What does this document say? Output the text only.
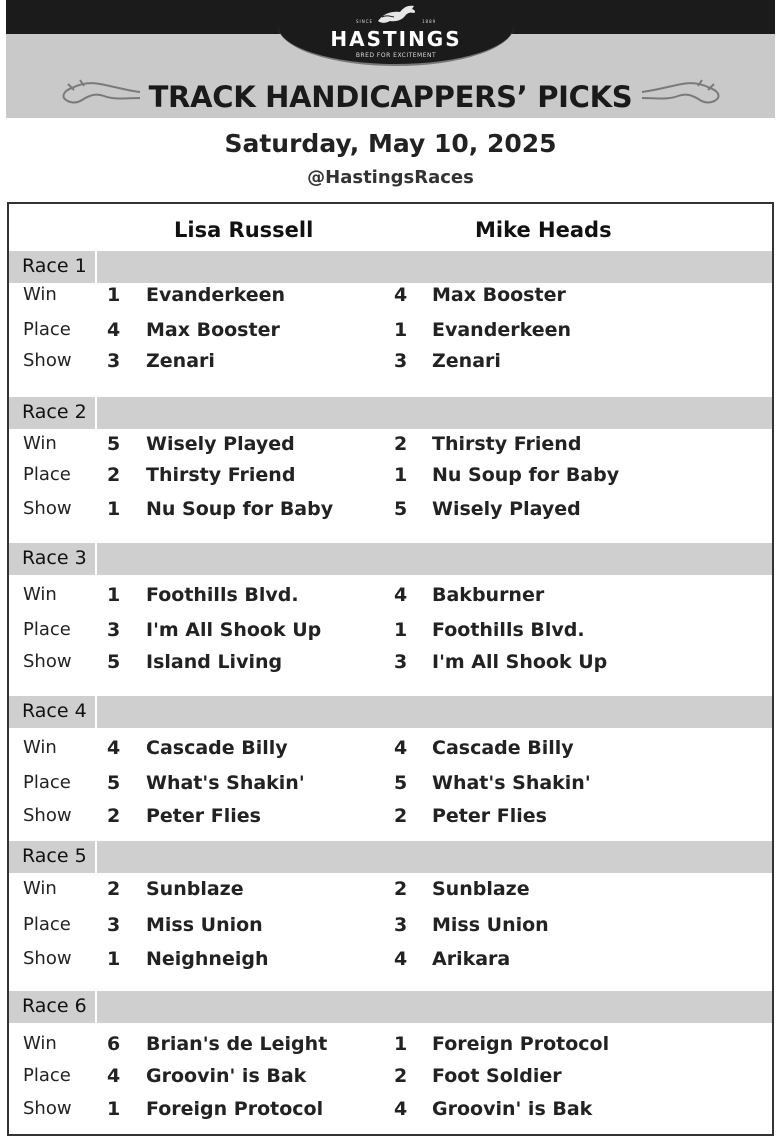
SINCE	1889
HASTINGS
BRED FOR EXCITEMENT
TRACK HANDICAPPERS’ PICKS
Saturday, May 10, 2025
@HastingsRaces
Lisa Russell	Mike Heads
Race 1
Win	1 Evanderkeen	4 Max Booster
Place 4 Max Booster	1 Evanderkeen
Show 3 Zenari	3 Zenari
Race 2
Win	5 Wisely Played	2 Thirsty Friend
Place 2 Thirsty Friend	1 Nu Soup for Baby
Show 1 Nu Soup for Baby	5 Wisely Played
Race 3
Win	1 Foothills Blvd.	4 Bakburner
Place 3 I'm All Shook Up	1 Foothills Blvd.
Show 5 Island Living	3 I'm All Shook Up
Race 4
Win	4 Cascade Billy	4 Cascade Billy
Place 5 What's Shakin'	5 What's Shakin'
Show 2 Peter Flies	2 Peter Flies
Race 5
Win	2 Sunblaze	2 Sunblaze
Place 3 Miss Union	3 Miss Union
Show 1 Neighneigh	4 Arikara
Race 6
Win	6 Brian's de Leight	1 Foreign Protocol
Place 4 Groovin' is Bak	2 Foot Soldier
Show 1 Foreign Protocol	4 Groovin' is Bak
